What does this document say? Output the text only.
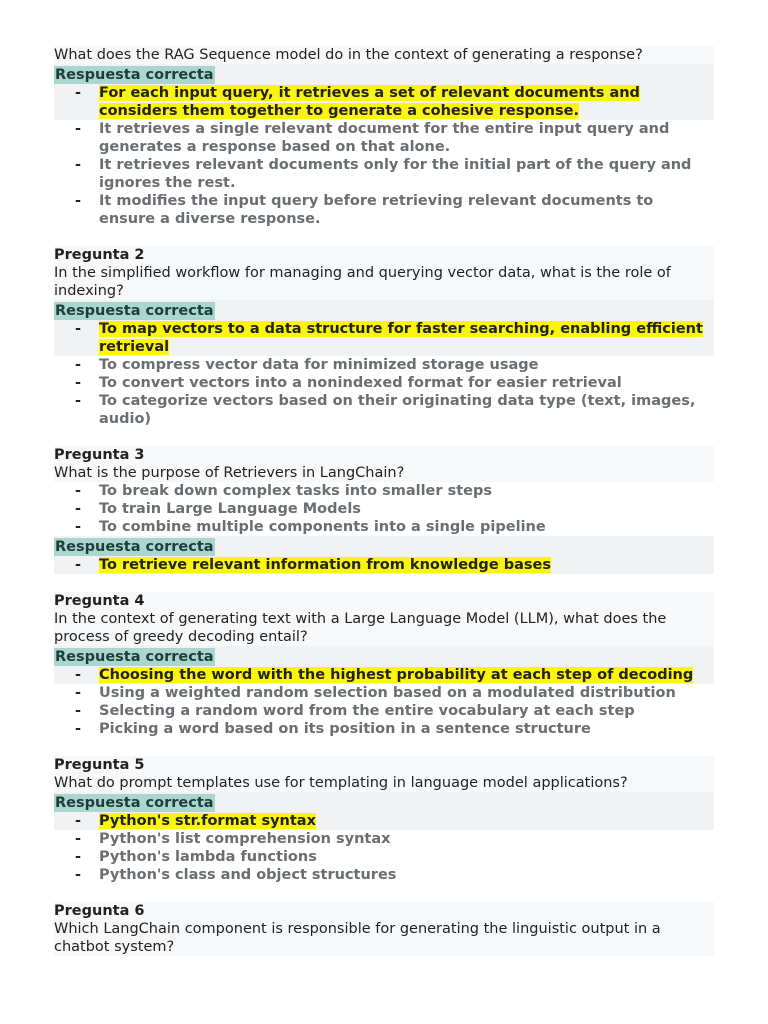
What does the RAG Sequence model do in the context of generating a response?
Respuesta correcta
- For each input query, it retrieves a set of relevant documents and considers them together to generate a cohesive response.
- It retrieves a single relevant document for the entire input query and generates a response based on that alone.
- It retrieves relevant documents only for the initial part of the query and ignores the rest.
- It modifies the input query before retrieving relevant documents to ensure a diverse response.
Pregunta 2
In the simplified workflow for managing and querying vector data, what is the role of indexing?
Respuesta correcta
- To map vectors to a data structure for faster searching, enabling efficient retrieval
- To compress vector data for minimized storage usage
- To convert vectors into a nonindexed format for easier retrieval
- To categorize vectors based on their originating data type (text, images, audio)
Pregunta 3
What is the purpose of Retrievers in LangChain?
- To break down complex tasks into smaller steps
- To train Large Language Models
- To combine multiple components into a single pipeline
Respuesta correcta
- To retrieve relevant information from knowledge bases
Pregunta 4
In the context of generating text with a Large Language Model (LLM), what does the process of greedy decoding entail?
Respuesta correcta
- Choosing the word with the highest probability at each step of decoding
- Using a weighted random selection based on a modulated distribution
- Selecting a random word from the entire vocabulary at each step
- Picking a word based on its position in a sentence structure
Pregunta 5
What do prompt templates use for templating in language model applications?
Respuesta correcta
- Python's str.format syntax
- Python's list comprehension syntax
- Python's lambda functions
- Python's class and object structures
Pregunta 6
Which LangChain component is responsible for generating the linguistic output in a chatbot system?
